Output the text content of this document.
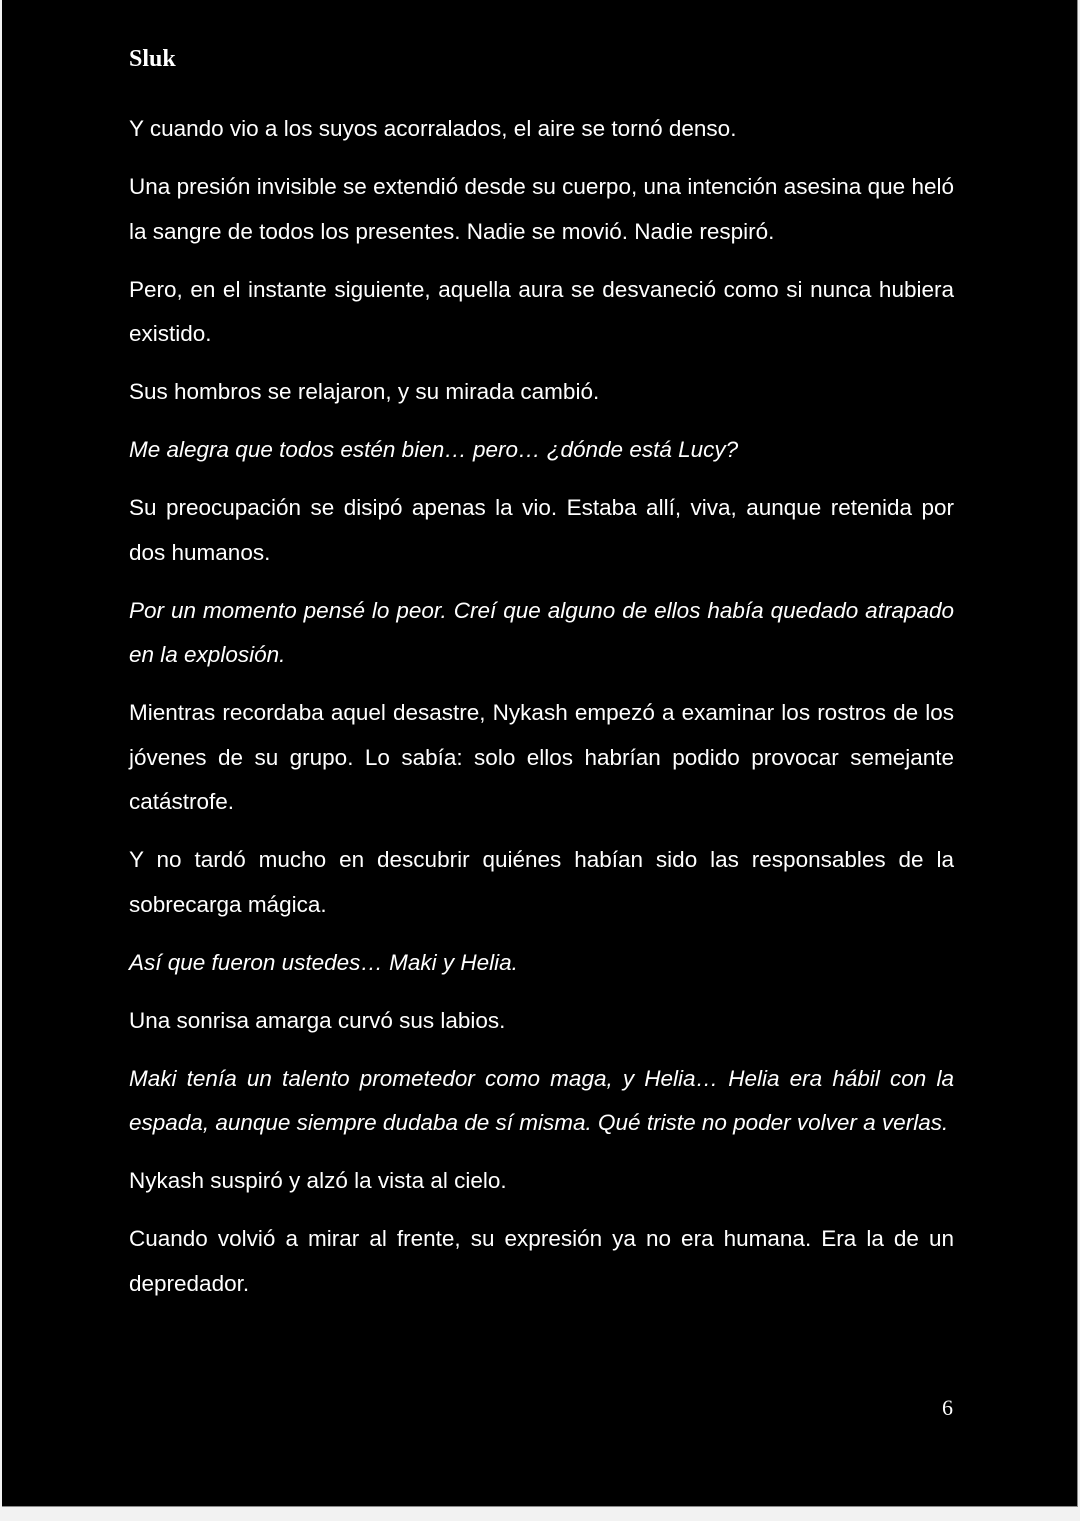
Sluk

Y cuando vio a los suyos acorralados, el aire se tornó denso.

Una presión invisible se extendió desde su cuerpo, una intención asesina que heló la sangre de todos los presentes. Nadie se movió. Nadie respiró.

Pero, en el instante siguiente, aquella aura se desvaneció como si nunca hubiera existido.

Sus hombros se relajaron, y su mirada cambió.

Me alegra que todos estén bien… pero… ¿dónde está Lucy?

Su preocupación se disipó apenas la vio. Estaba allí, viva, aunque retenida por dos humanos.

Por un momento pensé lo peor. Creí que alguno de ellos había quedado atrapado en la explosión.

Mientras recordaba aquel desastre, Nykash empezó a examinar los rostros de los jóvenes de su grupo. Lo sabía: solo ellos habrían podido provocar semejante catástrofe.

Y no tardó mucho en descubrir quiénes habían sido las responsables de la sobrecarga mágica.

Así que fueron ustedes… Maki y Helia.

Una sonrisa amarga curvó sus labios.

Maki tenía un talento prometedor como maga, y Helia… Helia era hábil con la espada, aunque siempre dudaba de sí misma. Qué triste no poder volver a verlas.

Nykash suspiró y alzó la vista al cielo.

Cuando volvió a mirar al frente, su expresión ya no era humana. Era la de un depredador.

6
